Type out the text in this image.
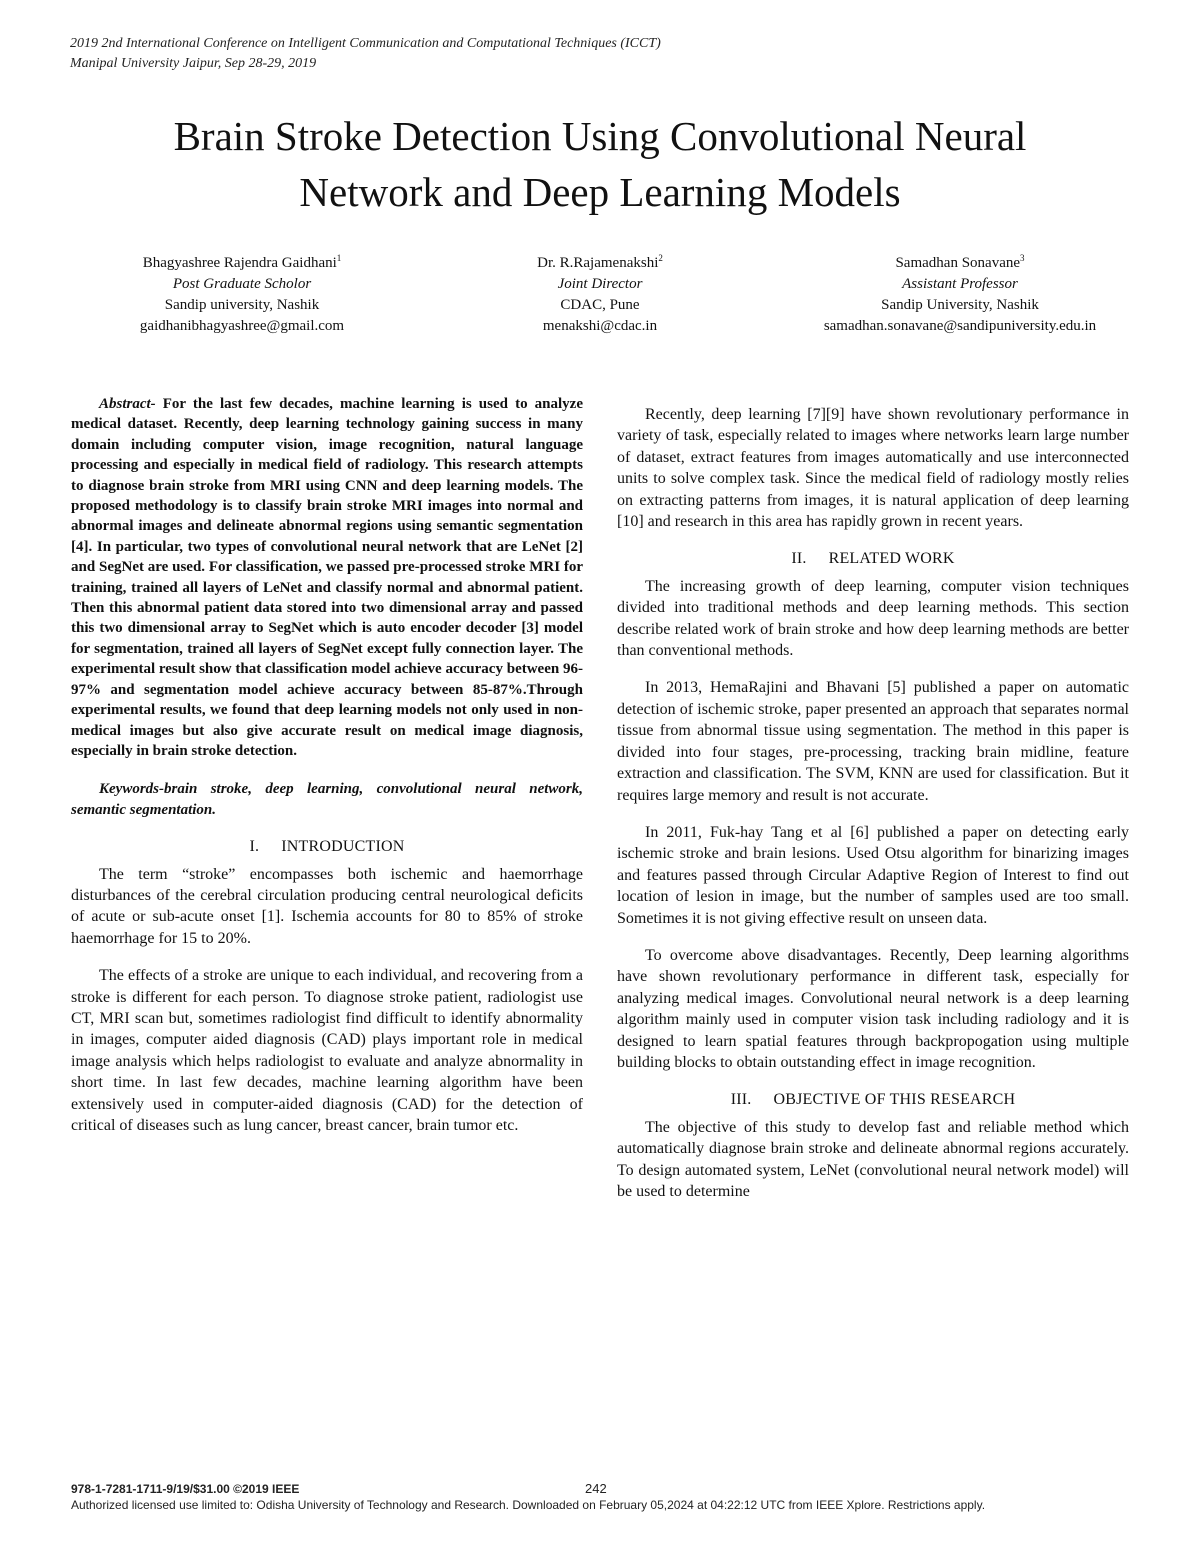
2019 2nd International Conference on Intelligent Communication and Computational Techniques (ICCT)
Manipal University Jaipur, Sep 28-29, 2019
Brain Stroke Detection Using Convolutional Neural
Network and Deep Learning Models
Bhagyashree Rajendra Gaidhani$^1$
Post Graduate Scholor
Sandip university, Nashik
gaidhanibhagyashree@gmail.com
Dr. R.Rajamenakshi$^2$
Joint Director
CDAC, Pune
menakshi@cdac.in
Samadhan Sonavane$^3$
Assistant Professor
Sandip University, Nashik
samadhan.sonavane@sandipuniversity.edu.in

Abstract- For the last few decades, machine learning is used to analyze medical dataset. Recently, deep learning technology gaining success in many domain including computer vision, image recognition, natural language processing and especially in medical field of radiology. This research attempts to diagnose brain stroke from MRI using CNN and deep learning models. The proposed methodology is to classify brain stroke MRI images into normal and abnormal images and delineate abnormal regions using semantic segmentation [4]. In particular, two types of convolutional neural network that are LeNet [2] and SegNet are used. For classification, we passed pre-processed stroke MRI for training, trained all layers of LeNet and classify normal and abnormal patient. Then this abnormal patient data stored into two dimensional array and passed this two dimensional array to SegNet which is auto encoder decoder [3] model for segmentation, trained all layers of SegNet except fully connection layer. The experimental result show that classification model achieve accuracy between 96-97% and segmentation model achieve accuracy between 85-87%.Through experimental results, we found that deep learning models not only used in non-medical images but also give accurate result on medical image diagnosis, especially in brain stroke detection.

Keywords-brain stroke, deep learning, convolutional neural network, semantic segmentation.

I. INTRODUCTION

The term “stroke” encompasses both ischemic and haemorrhage disturbances of the cerebral circulation producing central neurological deficits of acute or sub-acute onset [1]. Ischemia accounts for 80 to 85% of stroke haemorrhage for 15 to 20%.

The effects of a stroke are unique to each individual, and recovering from a stroke is different for each person. To diagnose stroke patient, radiologist use CT, MRI scan but, sometimes radiologist find difficult to identify abnormality in images, computer aided diagnosis (CAD) plays important role in medical image analysis which helps radiologist to evaluate and analyze abnormality in short time. In last few decades, machine learning algorithm have been extensively used in computer-aided diagnosis (CAD) for the detection of critical of diseases such as lung cancer, breast cancer, brain tumor etc.

Recently, deep learning [7][9] have shown revolutionary performance in variety of task, especially related to images where networks learn large number of dataset, extract features from images automatically and use interconnected units to solve complex task. Since the medical field of radiology mostly relies on extracting patterns from images, it is natural application of deep learning [10] and research in this area has rapidly grown in recent years.

II. RELATED WORK

The increasing growth of deep learning, computer vision techniques divided into traditional methods and deep learning methods. This section describe related work of brain stroke and how deep learning methods are better than conventional methods.

In 2013, HemaRajini and Bhavani [5] published a paper on automatic detection of ischemic stroke, paper presented an approach that separates normal tissue from abnormal tissue using segmentation. The method in this paper is divided into four stages, pre-processing, tracking brain midline, feature extraction and classification. The SVM, KNN are used for classification. But it requires large memory and result is not accurate.

In 2011, Fuk-hay Tang et al [6] published a paper on detecting early ischemic stroke and brain lesions. Used Otsu algorithm for binarizing images and features passed through Circular Adaptive Region of Interest to find out location of lesion in image, but the number of samples used are too small. Sometimes it is not giving effective result on unseen data.

To overcome above disadvantages. Recently, Deep learning algorithms have shown revolutionary performance in different task, especially for analyzing medical images. Convolutional neural network is a deep learning algorithm mainly used in computer vision task including radiology and it is designed to learn spatial features through backpropogation using multiple building blocks to obtain outstanding effect in image recognition.

III. OBJECTIVE OF THIS RESEARCH

The objective of this study to develop fast and reliable method which automatically diagnose brain stroke and delineate abnormal regions accurately. To design automated system, LeNet (convolutional neural network model) will be used to determine

978-1-7281-1711-9/19/$31.00 ©2019 IEEE	242
Authorized licensed use limited to: Odisha University of Technology and Research. Downloaded on February 05,2024 at 04:22:12 UTC from IEEE Xplore. Restrictions apply.
